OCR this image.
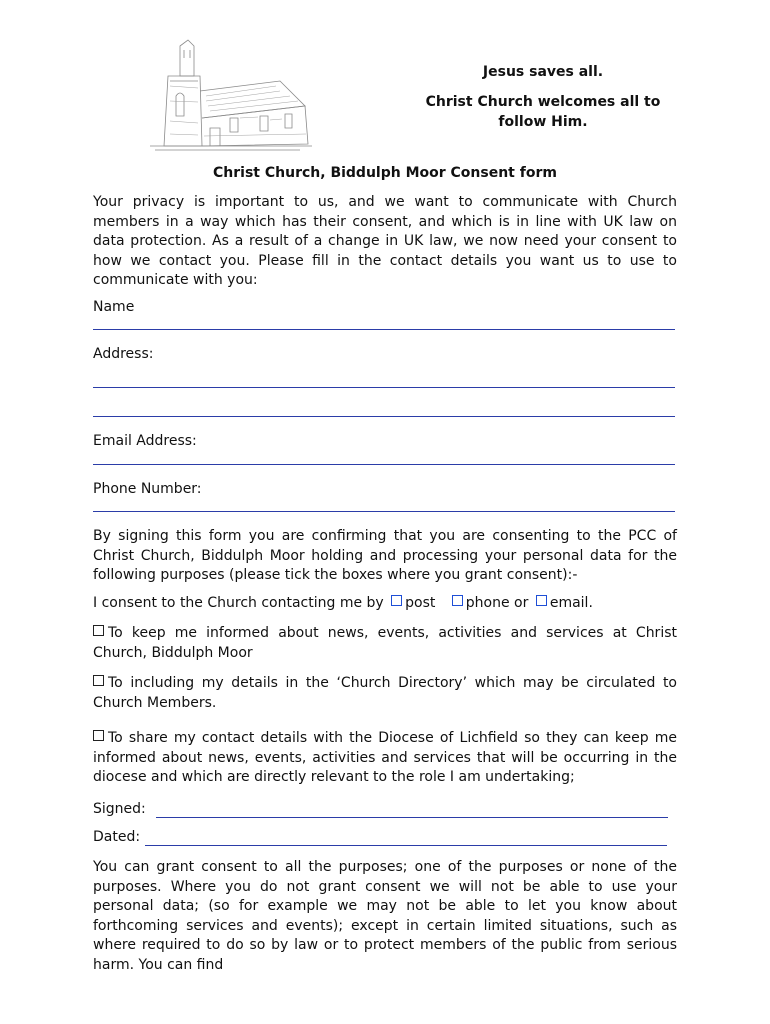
Jesus saves all.
Christ Church welcomes all to
follow Him.
Christ Church, Biddulph Moor Consent form
Your privacy is important to us, and we want to communicate with Church members in a way which has their consent, and which is in line with UK law on data protection. As a result of a change in UK law, we now need your consent to how we contact you. Please fill in the contact details you want us to use to communicate with you:
Name
Address:
Email Address:
Phone Number:
By signing this form you are confirming that you are consenting to the PCC of Christ Church, Biddulph Moor holding and processing your personal data for the following purposes (please tick the boxes where you grant consent):-
I consent to the Church contacting me by post phone or email.
To keep me informed about news, events, activities and services at Christ Church, Biddulph Moor
To including my details in the ‘Church Directory’ which may be circulated to Church Members.
To share my contact details with the Diocese of Lichfield so they can keep me informed about news, events, activities and services that will be occurring in the diocese and which are directly relevant to the role I am undertaking;
Signed:
Dated:
You can grant consent to all the purposes; one of the purposes or none of the purposes. Where you do not grant consent we will not be able to use your personal data; (so for example we may not be able to let you know about forthcoming services and events); except in certain limited situations, such as where required to do so by law or to protect members of the public from serious harm. You can find
